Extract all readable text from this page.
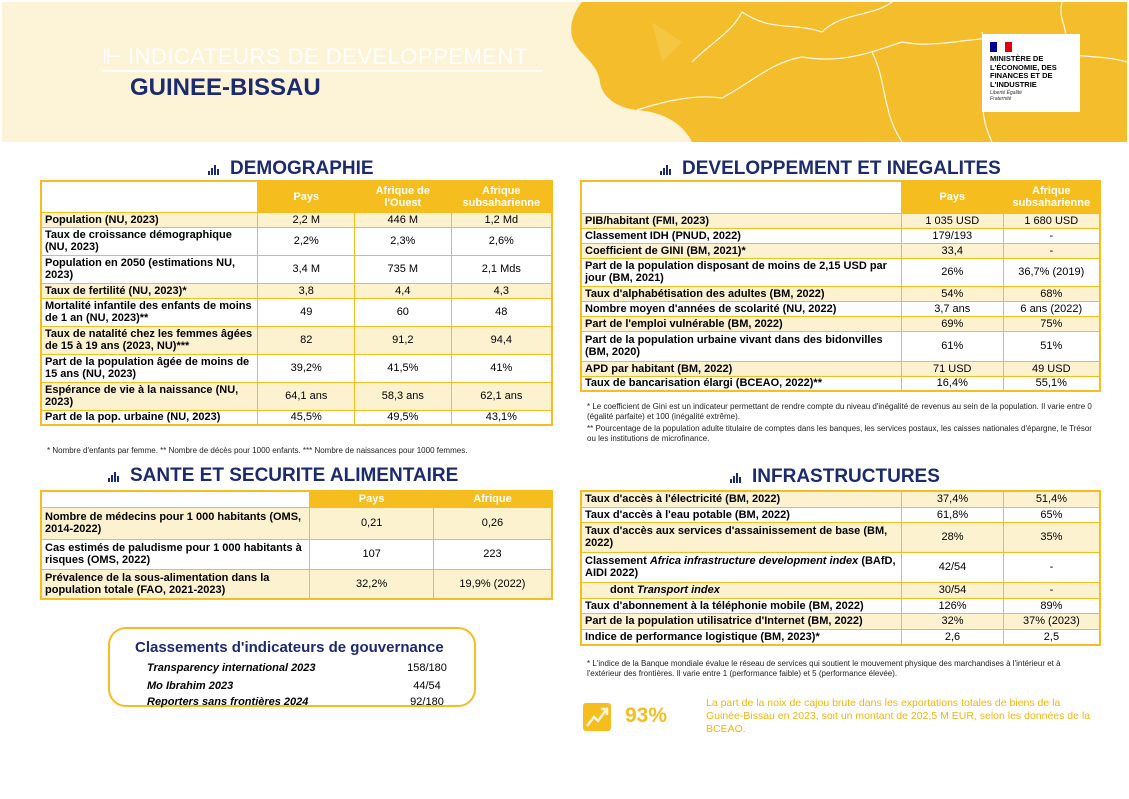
⊩ INDICATEURS DE DEVELOPPEMENT
GUINEE-BISSAU
MINISTÈRE DE L'ÉCONOMIE, DES FINANCES ET DE L'INDUSTRIE
Liberté Égalité Fraternité
DEMOGRAPHIE
	Pays	Afrique de l'Ouest	Afrique subsaharienne
Population (NU, 2023)	2,2 M	446 M	1,2 Md
Taux de croissance démographique (NU, 2023)	2,2%	2,3%	2,6%
Population en 2050 (estimations NU, 2023)	3,4 M	735 M	2,1 Mds
Taux de fertilité (NU, 2023)*	3,8	4,4	4,3
Mortalité infantile des enfants de moins de 1 an (NU, 2023)**	49	60	48
Taux de natalité chez les femmes âgées de 15 à 19 ans (2023, NU)***	82	91,2	94,4
Part de la population âgée de moins de 15 ans (NU, 2023)	39,2%	41,5%	41%
Espérance de vie à la naissance (NU, 2023)	64,1 ans	58,3 ans	62,1 ans
Part de la pop. urbaine (NU, 2023)	45,5%	49,5%	43,1%
* Nombre d'enfants par femme. ** Nombre de décès pour 1000 enfants. *** Nombre de naissances pour 1000 femmes.
SANTE ET SECURITE ALIMENTAIRE
	Pays	Afrique
Nombre de médecins pour 1 000 habitants (OMS, 2014-2022)	0,21	0,26
Cas estimés de paludisme pour 1 000 habitants à risques (OMS, 2022)	107	223
Prévalence de la sous-alimentation dans la population totale (FAO, 2021-2023)	32,2%	19,9% (2022)
Classements d'indicateurs de gouvernance
Transparency international 2023	158/180
Mo Ibrahim 2023	44/54
Reporters sans frontières 2024	92/180
DEVELOPPEMENT ET INEGALITES
	Pays	Afrique subsaharienne
PIB/habitant (FMI, 2023)	1 035 USD	1 680 USD
Classement IDH (PNUD, 2022)	179/193	-
Coefficient de GINI (BM, 2021)*	33,4	-
Part de la population disposant de moins de 2,15 USD par jour (BM, 2021)	26%	36,7% (2019)
Taux d'alphabétisation des adultes (BM, 2022)	54%	68%
Nombre moyen d'années de scolarité (NU, 2022)	3,7 ans	6 ans (2022)
Part de l'emploi vulnérable (BM, 2022)	69%	75%
Part de la population urbaine vivant dans des bidonvilles (BM, 2020)	61%	51%
APD par habitant (BM, 2022)	71 USD	49 USD
Taux de bancarisation élargi (BCEAO, 2022)**	16,4%	55,1%
* Le coefficient de Gini est un indicateur permettant de rendre compte du niveau d'inégalité de revenus au sein de la population. Il varie entre 0 (égalité parfaite) et 100 (inégalité extrême).
** Pourcentage de la population adulte titulaire de comptes dans les banques, les services postaux, les caisses nationales d'épargne, le Trésor ou les institutions de microfinance.
INFRASTRUCTURES
Taux d'accès à l'électricité (BM, 2022)	37,4%	51,4%
Taux d'accès à l'eau potable (BM, 2022)	61,8%	65%
Taux d'accès aux services d'assainissement de base (BM, 2022)	28%	35%
Classement Africa infrastructure development index (BAfD, AIDI 2022)	42/54	-
dont Transport index	30/54	-
Taux d'abonnement à la téléphonie mobile (BM, 2022)	126%	89%
Part de la population utilisatrice d'Internet (BM, 2022)	32%	37% (2023)
Indice de performance logistique (BM, 2023)*	2,6	2,5
* L'indice de la Banque mondiale évalue le réseau de services qui soutient le mouvement physique des marchandises à l'intérieur et à l'extérieur des frontières. Il varie entre 1 (performance faible) et 5 (performance élevée).
93%
La part de la noix de cajou brute dans les exportations totales de biens de la Guinée-Bissau en 2023, soit un montant de 202,5 M EUR, selon les données de la BCEAO.
